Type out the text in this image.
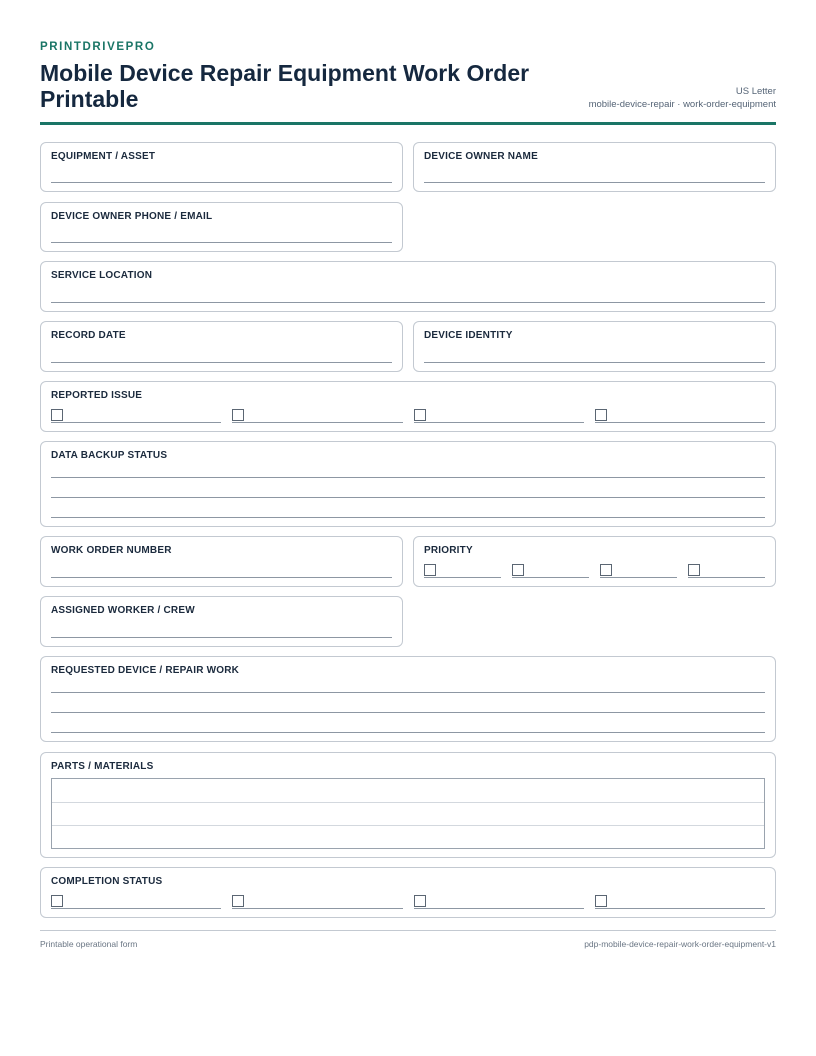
PRINTDRIVEPRO
Mobile Device Repair Equipment Work Order Printable	US Letter
mobile-device-repair · work-order-equipment
EQUIPMENT / ASSET	DEVICE OWNER NAME
DEVICE OWNER PHONE / EMAIL
SERVICE LOCATION
RECORD DATE	DEVICE IDENTITY
REPORTED ISSUE
DATA BACKUP STATUS
WORK ORDER NUMBER	PRIORITY
ASSIGNED WORKER / CREW
REQUESTED DEVICE / REPAIR WORK
PARTS / MATERIALS
COMPLETION STATUS
Printable operational form	pdp-mobile-device-repair-work-order-equipment-v1
